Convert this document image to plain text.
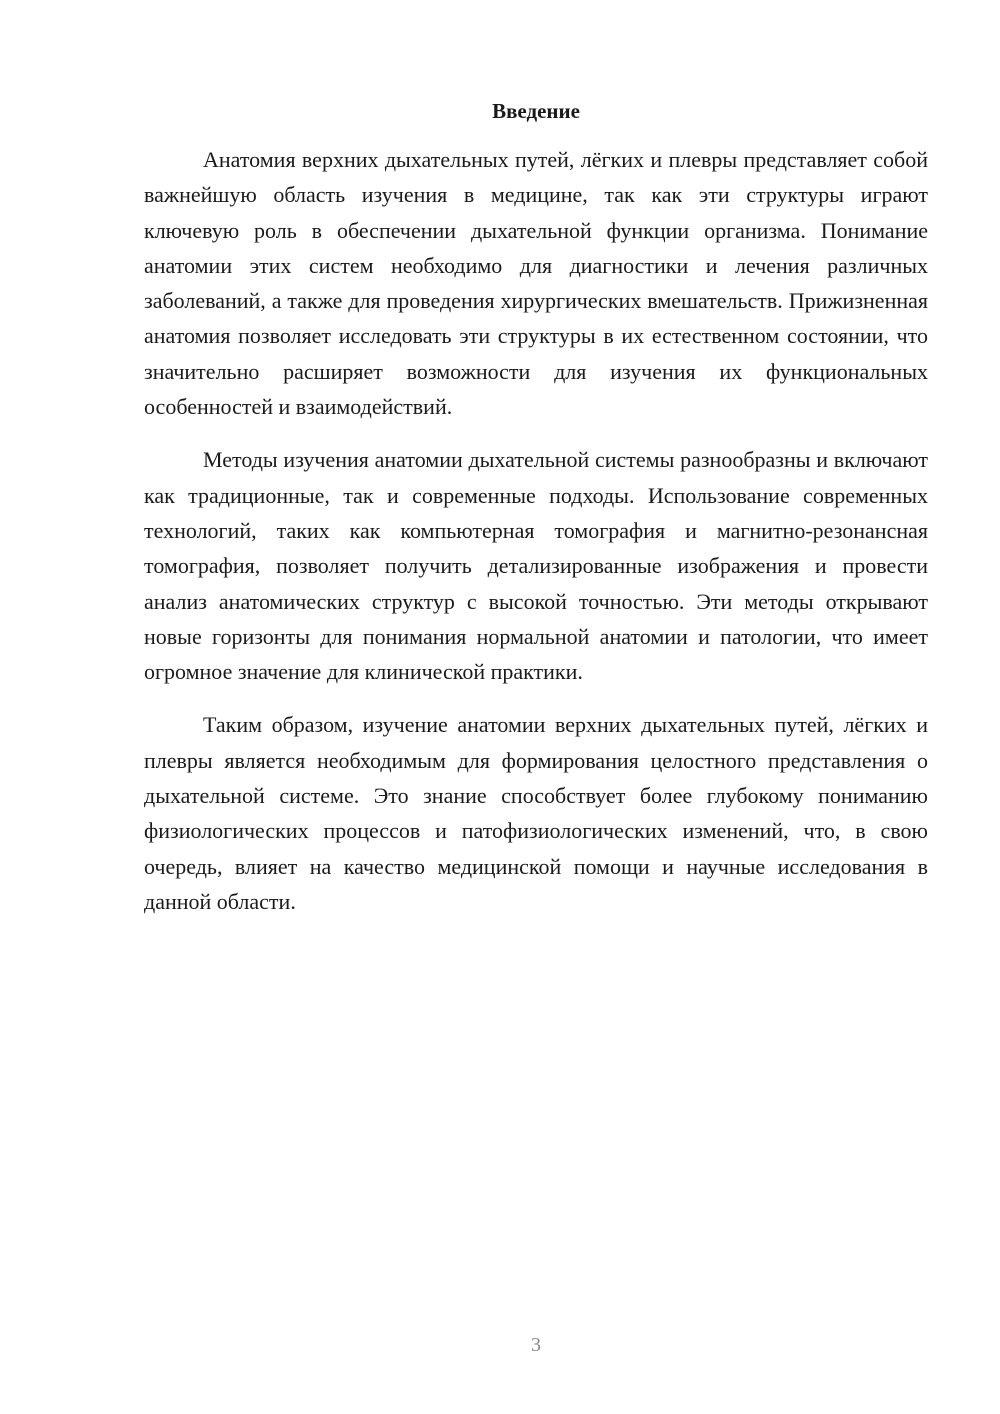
Введение

Анатомия верхних дыхательных путей, лёгких и плевры представляет собой важнейшую область изучения в медицине, так как эти структуры играют ключевую роль в обеспечении дыхательной функции организма. Понимание анатомии этих систем необходимо для диагностики и лечения различных заболеваний, а также для проведения хирургических вмешательств. Прижизненная анатомия позволяет исследовать эти структуры в их естественном состоянии, что значительно расширяет возможности для изучения их функциональных особенностей и взаимодействий.

Методы изучения анатомии дыхательной системы разнообразны и включают как традиционные, так и современные подходы. Использование современных технологий, таких как компьютерная томография и магнитно-резонансная томография, позволяет получить детализированные изображения и провести анализ анатомических структур с высокой точностью. Эти методы открывают новые горизонты для понимания нормальной анатомии и патологии, что имеет огромное значение для клинической практики.

Таким образом, изучение анатомии верхних дыхательных путей, лёгких и плевры является необходимым для формирования целостного представления о дыхательной системе. Это знание способствует более глубокому пониманию физиологических процессов и патофизиологических изменений, что, в свою очередь, влияет на качество медицинской помощи и научные исследования в данной области.

3
